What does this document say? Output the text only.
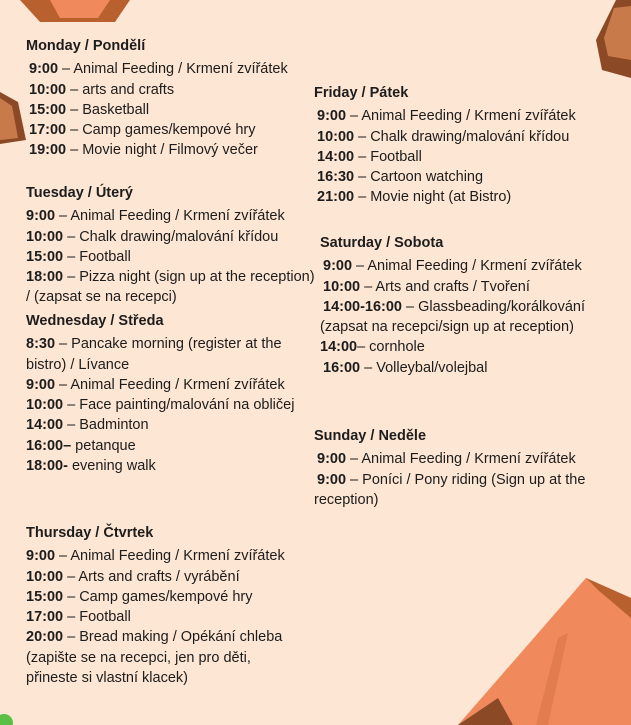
Monday / Pondělí
9:00 – Animal Feeding / Krmení zvířátek
10:00 – arts and crafts
15:00 – Basketball
17:00 – Camp games/kempové hry
19:00 – Movie night / Filmový večer
Tuesday / Úterý
9:00 – Animal Feeding / Krmení zvířátek
10:00 – Chalk drawing/malování křídou
15:00 – Football
18:00 – Pizza night (sign up at the reception) / (zapsat se na recepci)
Wednesday / Středa
8:30 – Pancake morning (register at the bistro) / Lívance
9:00 – Animal Feeding / Krmení zvířátek
10:00 – Face painting/malování na obličej
14:00 – Badminton
16:00– petanque
18:00- evening walk
Thursday / Čtvrtek
9:00 – Animal Feeding / Krmení zvířátek
10:00 – Arts and crafts / vyrábění
15:00 – Camp games/kempové hry
17:00 – Football
20:00 – Bread making / Opékání chleba (zapište se na recepci, jen pro děti, přineste si vlastní klacek)
Friday / Pátek
9:00 – Animal Feeding / Krmení zvířátek
10:00 – Chalk drawing/malování křídou
14:00 – Football
16:30 – Cartoon watching
21:00 – Movie night (at Bistro)
Saturday / Sobota
9:00 – Animal Feeding / Krmení zvířátek
10:00 – Arts and crafts / Tvoření
14:00-16:00 – Glassbeading/korálkování (zapsat na recepci/sign up at reception)
14:00– cornhole
16:00 – Volleybal/volejbal
Sunday / Neděle
9:00 – Animal Feeding / Krmení zvířátek
9:00 – Poníci / Pony riding (Sign up at the reception)
